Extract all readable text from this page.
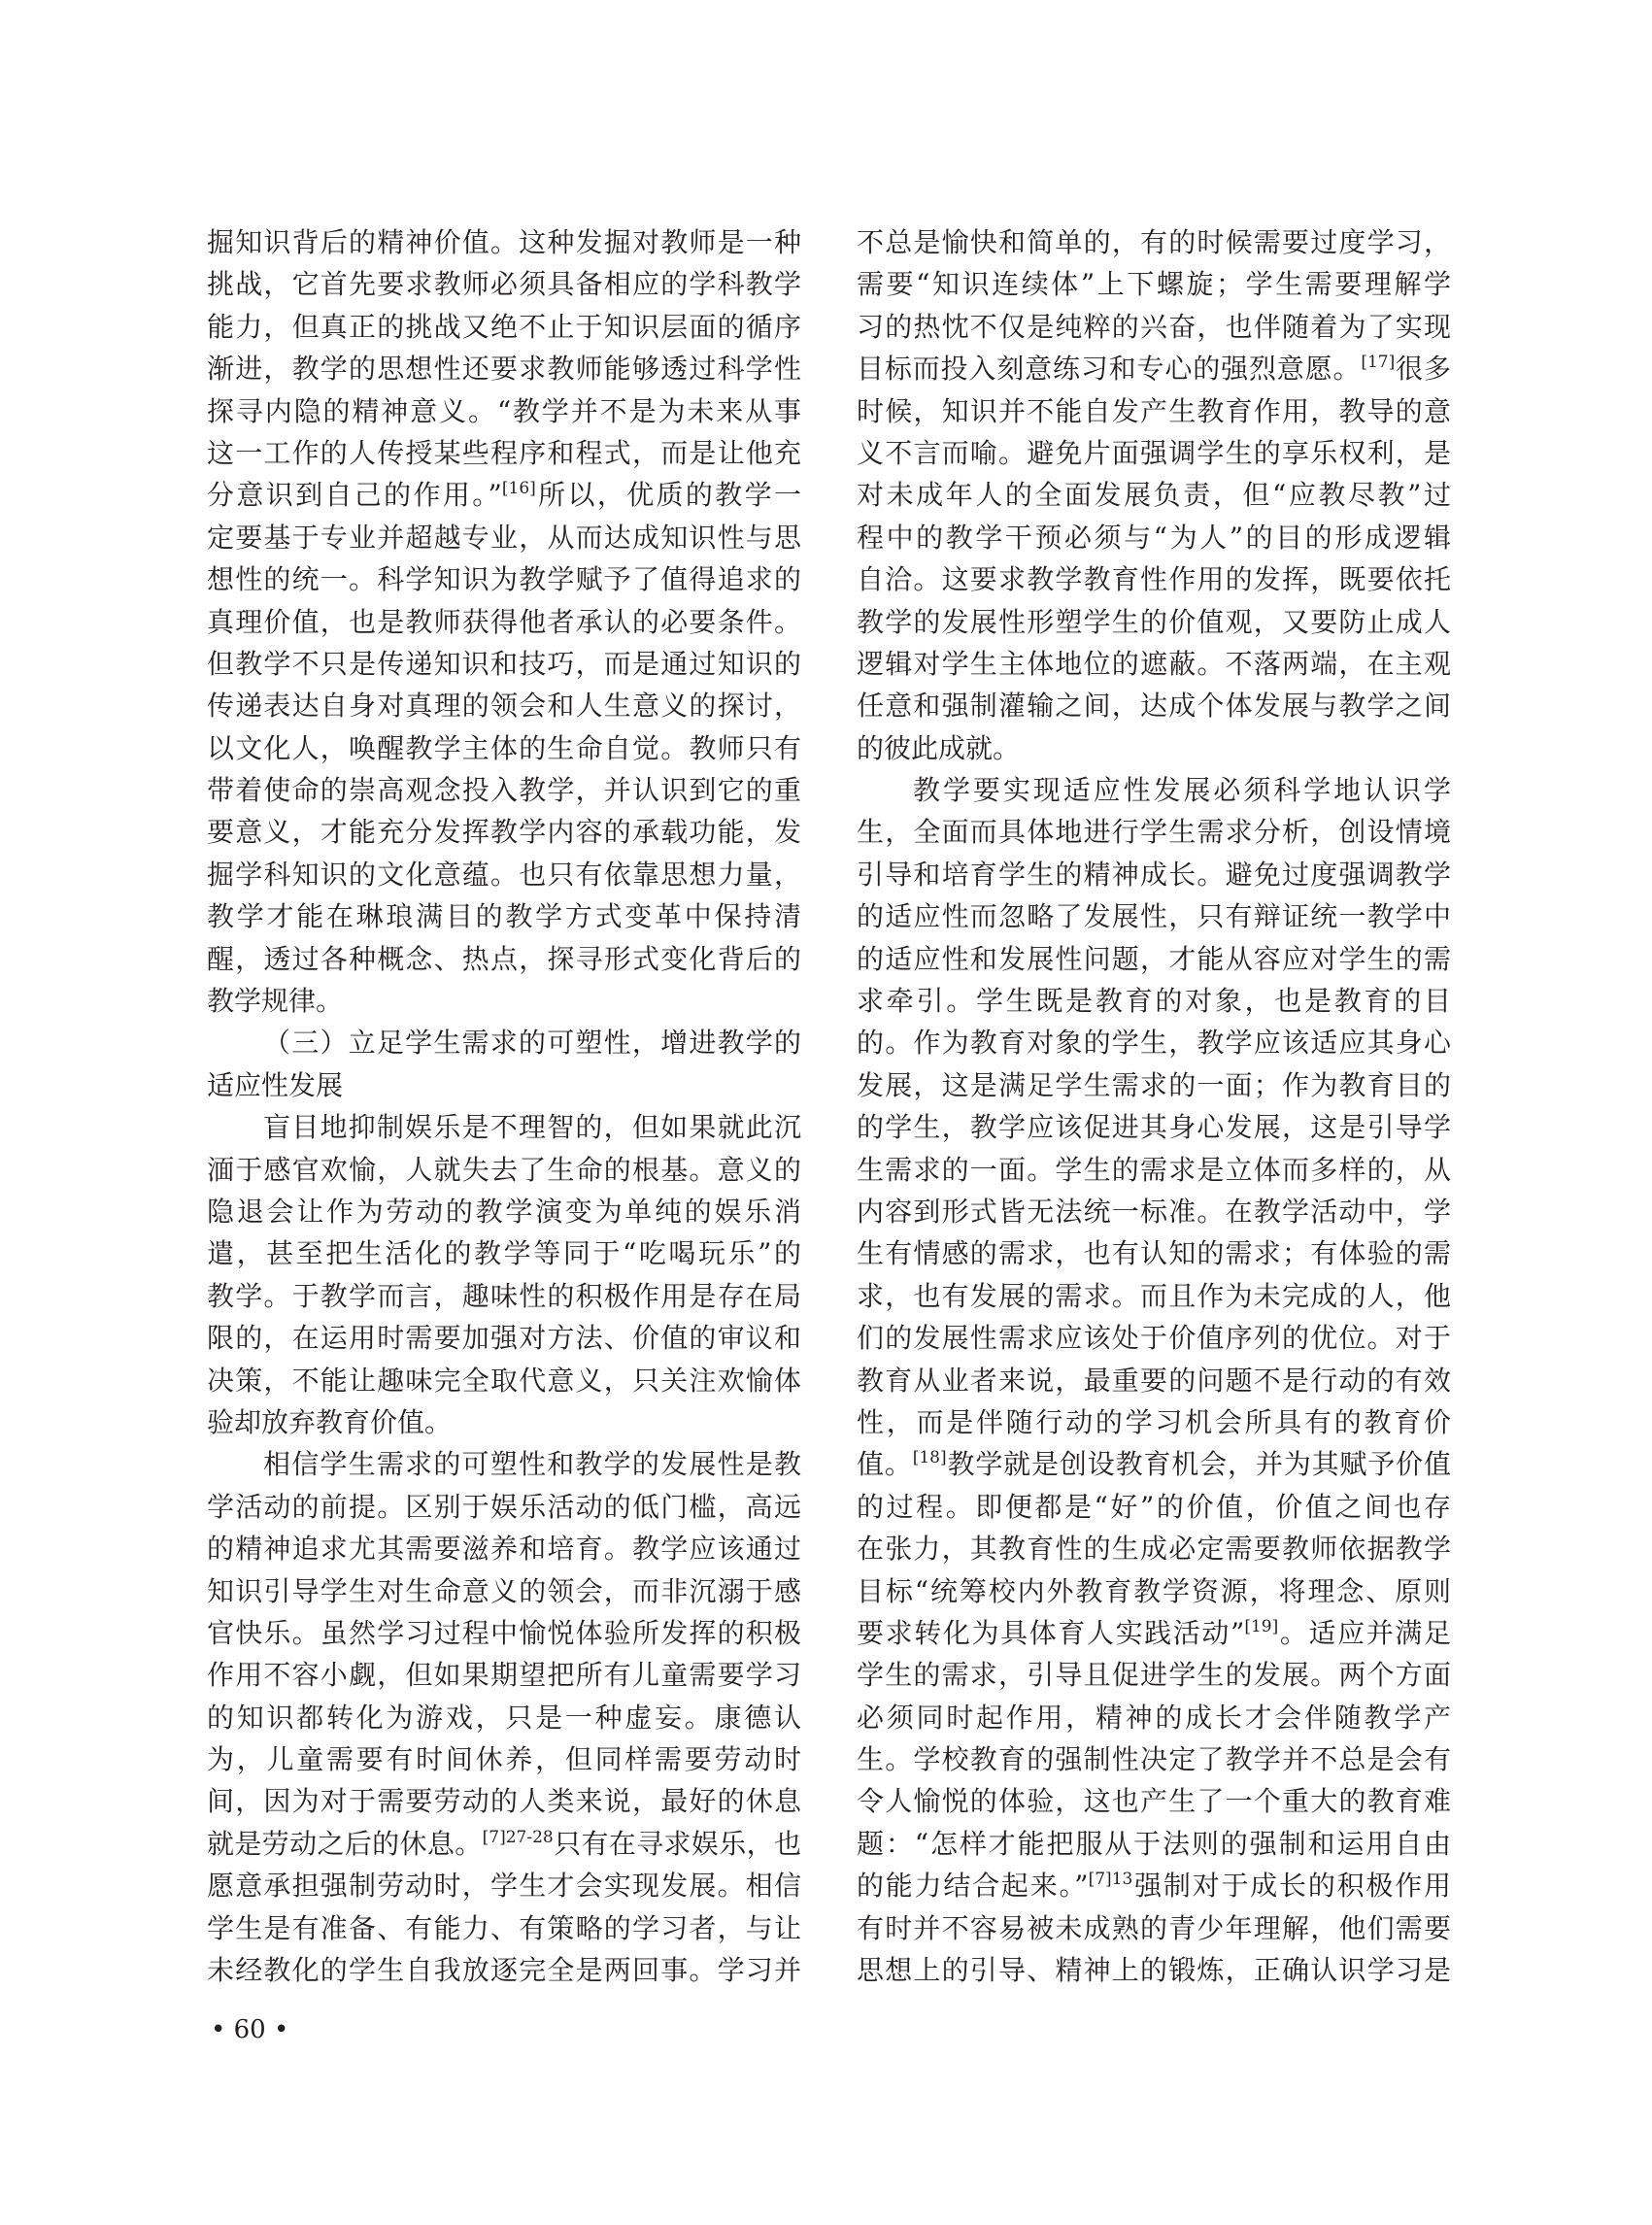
掘知识背后的精神价值。这种发掘对教师是一种
挑战，它首先要求教师必须具备相应的学科教学
能力，但真正的挑战又绝不止于知识层面的循序
渐进，教学的思想性还要求教师能够透过科学性
探寻内隐的精神意义。“教学并不是为未来从事
这一工作的人传授某些程序和程式，而是让他充
分意识到自己的作用。”[16]所以，优质的教学一
定要基于专业并超越专业，从而达成知识性与思
想性的统一。科学知识为教学赋予了值得追求的
真理价值，也是教师获得他者承认的必要条件。
但教学不只是传递知识和技巧，而是通过知识的
传递表达自身对真理的领会和人生意义的探讨，
以文化人，唤醒教学主体的生命自觉。教师只有
带着使命的崇高观念投入教学，并认识到它的重
要意义，才能充分发挥教学内容的承载功能，发
掘学科知识的文化意蕴。也只有依靠思想力量，
教学才能在琳琅满目的教学方式变革中保持清
醒，透过各种概念、热点，探寻形式变化背后的
教学规律。
（三）立足学生需求的可塑性，增进教学的
适应性发展
盲目地抑制娱乐是不理智的，但如果就此沉
湎于感官欢愉，人就失去了生命的根基。意义的
隐退会让作为劳动的教学演变为单纯的娱乐消
遣，甚至把生活化的教学等同于“吃喝玩乐”的
教学。于教学而言，趣味性的积极作用是存在局
限的，在运用时需要加强对方法、价值的审议和
决策，不能让趣味完全取代意义，只关注欢愉体
验却放弃教育价值。
相信学生需求的可塑性和教学的发展性是教
学活动的前提。区别于娱乐活动的低门槛，高远
的精神追求尤其需要滋养和培育。教学应该通过
知识引导学生对生命意义的领会，而非沉溺于感
官快乐。虽然学习过程中愉悦体验所发挥的积极
作用不容小觑，但如果期望把所有儿童需要学习
的知识都转化为游戏，只是一种虚妄。康德认
为，儿童需要有时间休养，但同样需要劳动时
间，因为对于需要劳动的人类来说，最好的休息
就是劳动之后的休息。$^{[7]27-28}$只有在寻求娱乐，也
愿意承担强制劳动时，学生才会实现发展。相信
学生是有准备、有能力、有策略的学习者，与让
未经教化的学生自我放逐完全是两回事。学习并
不总是愉快和简单的，有的时候需要过度学习，
需要“知识连续体”上下螺旋；学生需要理解学
习的热忱不仅是纯粹的兴奋，也伴随着为了实现
目标而投入刻意练习和专心的强烈意愿。[17]很多
时候，知识并不能自发产生教育作用，教导的意
义不言而喻。避免片面强调学生的享乐权利，是
对未成年人的全面发展负责，但“应教尽教”过
程中的教学干预必须与“为人”的目的形成逻辑
自洽。这要求教学教育性作用的发挥，既要依托
教学的发展性形塑学生的价值观，又要防止成人
逻辑对学生主体地位的遮蔽。不落两端，在主观
任意和强制灌输之间，达成个体发展与教学之间
的彼此成就。
教学要实现适应性发展必须科学地认识学
生，全面而具体地进行学生需求分析，创设情境
引导和培育学生的精神成长。避免过度强调教学
的适应性而忽略了发展性，只有辩证统一教学中
的适应性和发展性问题，才能从容应对学生的需
求牵引。学生既是教育的对象，也是教育的目
的。作为教育对象的学生，教学应该适应其身心
发展，这是满足学生需求的一面；作为教育目的
的学生，教学应该促进其身心发展，这是引导学
生需求的一面。学生的需求是立体而多样的，从
内容到形式皆无法统一标准。在教学活动中，学
生有情感的需求，也有认知的需求；有体验的需
求，也有发展的需求。而且作为未完成的人，他
们的发展性需求应该处于价值序列的优位。对于
教育从业者来说，最重要的问题不是行动的有效
性，而是伴随行动的学习机会所具有的教育价
值。[18]教学就是创设教育机会，并为其赋予价值
的过程。即便都是“好”的价值，价值之间也存
在张力，其教育性的生成必定需要教师依据教学
目标“统筹校内外教育教学资源，将理念、原则
要求转化为具体育人实践活动”[19]。适应并满足
学生的需求，引导且促进学生的发展。两个方面
必须同时起作用，精神的成长才会伴随教学产
生。学校教育的强制性决定了教学并不总是会有
令人愉悦的体验，这也产生了一个重大的教育难
题：“怎样才能把服从于法则的强制和运用自由
的能力结合起来。”$^{[7]13}$强制对于成长的积极作用
有时并不容易被未成熟的青少年理解，他们需要
思想上的引导、精神上的锻炼，正确认识学习是
• 60 •
